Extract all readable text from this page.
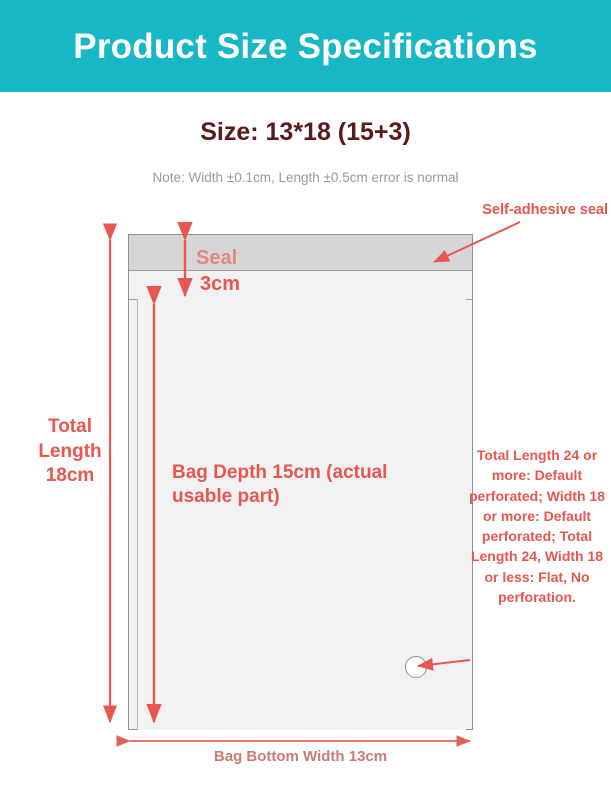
Product Size Specifications
Size: 13*18 (15+3)
Note: Width ±0.1cm, Length ±0.5cm error is normal
Seal
3cm
Bag Depth 15cm (actual usable part)
Total
Length
18cm
Bag Bottom Width 13cm
Self-adhesive seal
Total Length 24 or more: Default perforated; Width 18 or more: Default perforated; Total Length 24, Width 18 or less: Flat, No perforation.
